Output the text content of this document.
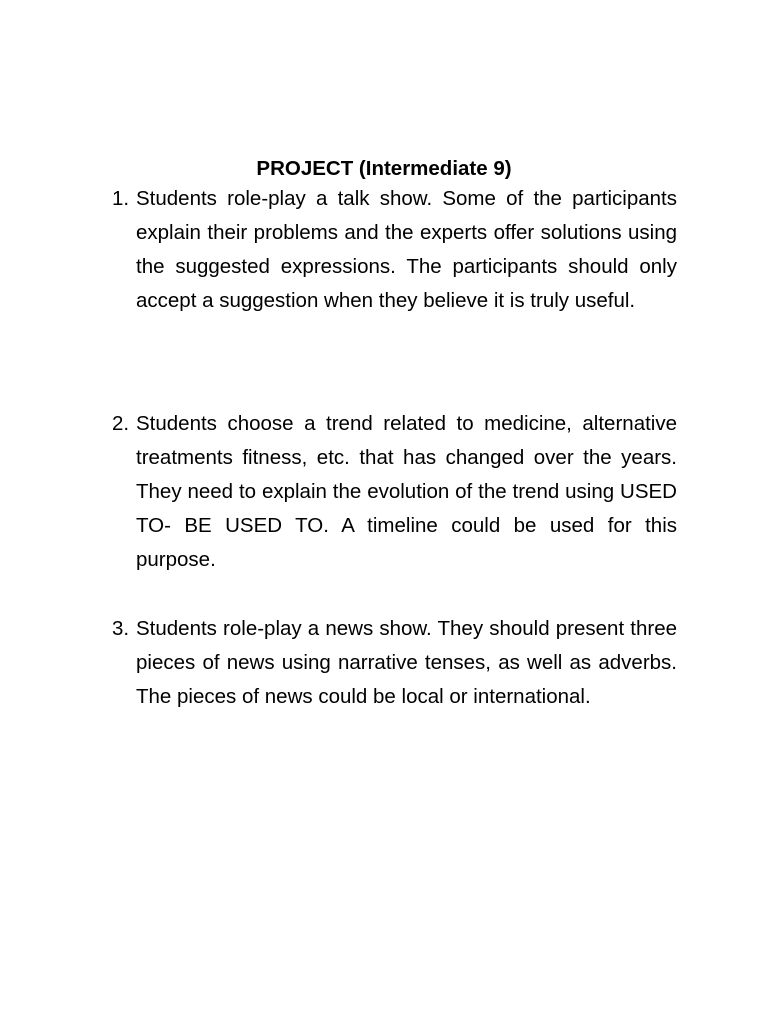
PROJECT (Intermediate 9)
1. Students role-play a talk show. Some of the participants explain their problems and the experts offer solutions using the suggested expressions. The participants should only accept a suggestion when they believe it is truly useful.
2. Students choose a trend related to medicine, alternative treatments fitness, etc. that has changed over the years. They need to explain the evolution of the trend using USED TO- BE USED TO. A timeline could be used for this purpose.
3. Students role-play a news show. They should present three pieces of news using narrative tenses, as well as adverbs. The pieces of news could be local or international.
